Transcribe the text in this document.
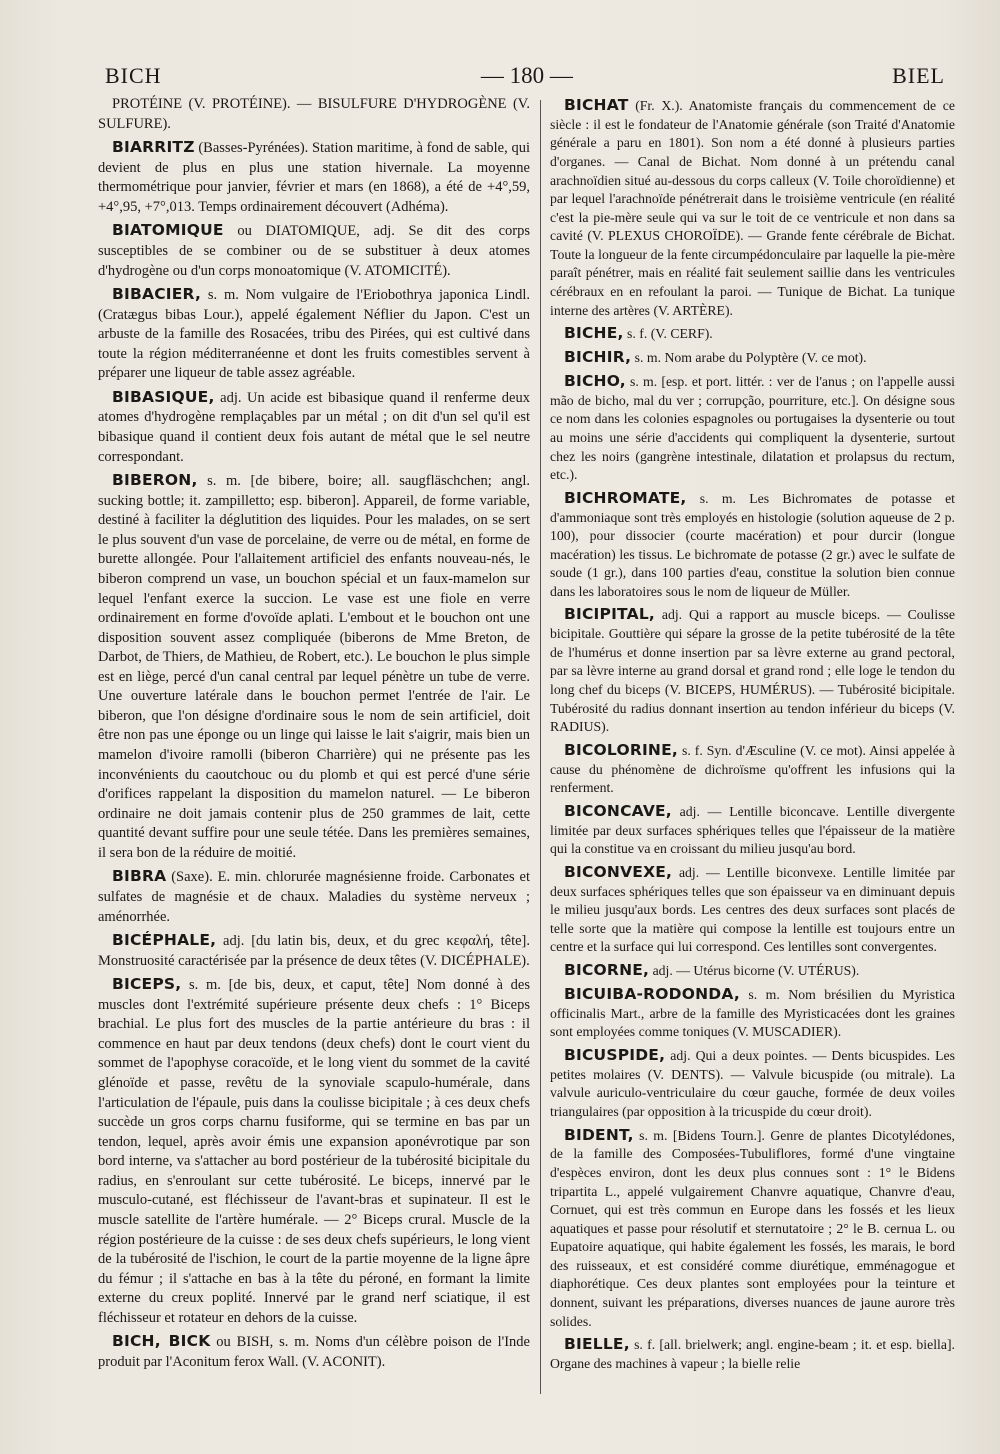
BICH	— 180 —	BIEL

PROTÉINE (V. PROTÉINE). — BISULFURE D'HYDROGÈNE (V. SULFURE).

BIARRITZ (Basses-Pyrénées). Station maritime, à fond de sable, qui devient de plus en plus une station hivernale. La moyenne thermométrique pour janvier, février et mars (en 1868), a été de +4°,59, +4°,95, +7°,013. Temps ordinairement découvert (Adhéma).

BIATOMIQUE ou DIATOMIQUE, adj. Se dit des corps susceptibles de se combiner ou de se substituer à deux atomes d'hydrogène ou d'un corps monoatomique (V. ATOMICITÉ).

BIBACIER, s. m. Nom vulgaire de l'Eriobothrya japonica Lindl. (Cratægus bibas Lour.), appelé également Néflier du Japon. C'est un arbuste de la famille des Rosacées, tribu des Pirées, qui est cultivé dans toute la région méditerranéenne et dont les fruits comestibles servent à préparer une liqueur de table assez agréable.

BIBASIQUE, adj. Un acide est bibasique quand il renferme deux atomes d'hydrogène remplaçables par un métal ; on dit d'un sel qu'il est bibasique quand il contient deux fois autant de métal que le sel neutre correspondant.

BIBERON, s. m. [de bibere, boire; all. saugfläschchen; angl. sucking bottle; it. zampilletto; esp. biberon]. Appareil, de forme variable, destiné à faciliter la déglutition des liquides. Pour les malades, on se sert le plus souvent d'un vase de porcelaine, de verre ou de métal, en forme de burette allongée. Pour l'allaitement artificiel des enfants nouveau-nés, le biberon comprend un vase, un bouchon spécial et un faux-mamelon sur lequel l'enfant exerce la succion. Le vase est une fiole en verre ordinairement en forme d'ovoïde aplati. L'embout et le bouchon ont une disposition souvent assez compliquée (biberons de Mme Breton, de Darbot, de Thiers, de Mathieu, de Robert, etc.). Le bouchon le plus simple est en liège, percé d'un canal central par lequel pénètre un tube de verre. Une ouverture latérale dans le bouchon permet l'entrée de l'air. Le biberon, que l'on désigne d'ordinaire sous le nom de sein artificiel, doit être non pas une éponge ou un linge qui laisse le lait s'aigrir, mais bien un mamelon d'ivoire ramolli (biberon Charrière) qui ne présente pas les inconvénients du caoutchouc ou du plomb et qui est percé d'une série d'orifices rappelant la disposition du mamelon naturel. — Le biberon ordinaire ne doit jamais contenir plus de 250 grammes de lait, cette quantité devant suffire pour une seule tétée. Dans les premières semaines, il sera bon de la réduire de moitié.

BIBRA (Saxe). E. min. chlorurée magnésienne froide. Carbonates et sulfates de magnésie et de chaux. Maladies du système nerveux ; aménorrhée.

BICÉPHALE, adj. [du latin bis, deux, et du grec κεφαλή, tête]. Monstruosité caractérisée par la présence de deux têtes (V. DICÉPHALE).

BICEPS, s. m. [de bis, deux, et caput, tête] Nom donné à des muscles dont l'extrémité supérieure présente deux chefs : 1° Biceps brachial. Le plus fort des muscles de la partie antérieure du bras : il commence en haut par deux tendons (deux chefs) dont le court vient du sommet de l'apophyse coracoïde, et le long vient du sommet de la cavité glénoïde et passe, revêtu de la synoviale scapulo-humérale, dans l'articulation de l'épaule, puis dans la coulisse bicipitale ; à ces deux chefs succède un gros corps charnu fusiforme, qui se termine en bas par un tendon, lequel, après avoir émis une expansion aponévrotique par son bord interne, va s'attacher au bord postérieur de la tubérosité bicipitale du radius, en s'enroulant sur cette tubérosité. Le biceps, innervé par le musculo-cutané, est fléchisseur de l'avant-bras et supinateur. Il est le muscle satellite de l'artère humérale. — 2° Biceps crural. Muscle de la région postérieure de la cuisse : de ses deux chefs supérieurs, le long vient de la tubérosité de l'ischion, le court de la partie moyenne de la ligne âpre du fémur ; il s'attache en bas à la tête du péroné, en formant la limite externe du creux poplité. Innervé par le grand nerf sciatique, il est fléchisseur et rotateur en dehors de la cuisse.

BICH, BICK ou BISH, s. m. Noms d'un célèbre poison de l'Inde produit par l'Aconitum ferox Wall. (V. ACONIT).

BICHAT (Fr. X.). Anatomiste français du commencement de ce siècle : il est le fondateur de l'Anatomie générale (son Traité d'Anatomie générale a paru en 1801). Son nom a été donné à plusieurs parties d'organes. — Canal de Bichat. Nom donné à un prétendu canal arachnoïdien situé au-dessous du corps calleux (V. Toile choroïdienne) et par lequel l'arachnoïde pénétrerait dans le troisième ventricule (en réalité c'est la pie-mère seule qui va sur le toit de ce ventricule et non dans sa cavité (V. PLEXUS CHOROÏDE). — Grande fente cérébrale de Bichat. Toute la longueur de la fente circumpédonculaire par laquelle la pie-mère paraît pénétrer, mais en réalité fait seulement saillie dans les ventricules cérébraux en en refoulant la paroi. — Tunique de Bichat. La tunique interne des artères (V. ARTÈRE).

BICHE, s. f. (V. CERF).

BICHIR, s. m. Nom arabe du Polyptère (V. ce mot).

BICHO, s. m. [esp. et port. littér. : ver de l'anus ; on l'appelle aussi mão de bicho, mal du ver ; corrupção, pourriture, etc.]. On désigne sous ce nom dans les colonies espagnoles ou portugaises la dysenterie ou tout au moins une série d'accidents qui compliquent la dysenterie, surtout chez les noirs (gangrène intestinale, dilatation et prolapsus du rectum, etc.).

BICHROMATE, s. m. Les Bichromates de potasse et d'ammoniaque sont très employés en histologie (solution aqueuse de 2 p. 100), pour dissocier (courte macération) et pour durcir (longue macération) les tissus. Le bichromate de potasse (2 gr.) avec le sulfate de soude (1 gr.), dans 100 parties d'eau, constitue la solution bien connue dans les laboratoires sous le nom de liqueur de Müller.

BICIPITAL, adj. Qui a rapport au muscle biceps. — Coulisse bicipitale. Gouttière qui sépare la grosse de la petite tubérosité de la tête de l'humérus et donne insertion par sa lèvre externe au grand pectoral, par sa lèvre interne au grand dorsal et grand rond ; elle loge le tendon du long chef du biceps (V. BICEPS, HUMÉRUS). — Tubérosité bicipitale. Tubérosité du radius donnant insertion au tendon inférieur du biceps (V. RADIUS).

BICOLORINE, s. f. Syn. d'Æsculine (V. ce mot). Ainsi appelée à cause du phénomène de dichroïsme qu'offrent les infusions qui la renferment.

BICONCAVE, adj. — Lentille biconcave. Lentille divergente limitée par deux surfaces sphériques telles que l'épaisseur de la matière qui la constitue va en croissant du milieu jusqu'au bord.

BICONVEXE, adj. — Lentille biconvexe. Lentille limitée par deux surfaces sphériques telles que son épaisseur va en diminuant depuis le milieu jusqu'aux bords. Les centres des deux surfaces sont placés de telle sorte que la matière qui compose la lentille est toujours entre un centre et la surface qui lui correspond. Ces lentilles sont convergentes.

BICORNE, adj. — Utérus bicorne (V. UTÉRUS).

BICUIBA-RODONDA, s. m. Nom brésilien du Myristica officinalis Mart., arbre de la famille des Myristicacées dont les graines sont employées comme toniques (V. MUSCADIER).

BICUSPIDE, adj. Qui a deux pointes. — Dents bicuspides. Les petites molaires (V. DENTS). — Valvule bicuspide (ou mitrale). La valvule auriculo-ventriculaire du cœur gauche, formée de deux voiles triangulaires (par opposition à la tricuspide du cœur droit).

BIDENT, s. m. [Bidens Tourn.]. Genre de plantes Dicotylédones, de la famille des Composées-Tubuliflores, formé d'une vingtaine d'espèces environ, dont les deux plus connues sont : 1° le Bidens tripartita L., appelé vulgairement Chanvre aquatique, Chanvre d'eau, Cornuet, qui est très commun en Europe dans les fossés et les lieux aquatiques et passe pour résolutif et sternutatoire ; 2° le B. cernua L. ou Eupatoire aquatique, qui habite également les fossés, les marais, le bord des ruisseaux, et est considéré comme diurétique, emménagogue et diaphorétique. Ces deux plantes sont employées pour la teinture et donnent, suivant les préparations, diverses nuances de jaune aurore très solides.

BIELLE, s. f. [all. brielwerk; angl. engine-beam ; it. et esp. biella]. Organe des machines à vapeur ; la bielle relie
